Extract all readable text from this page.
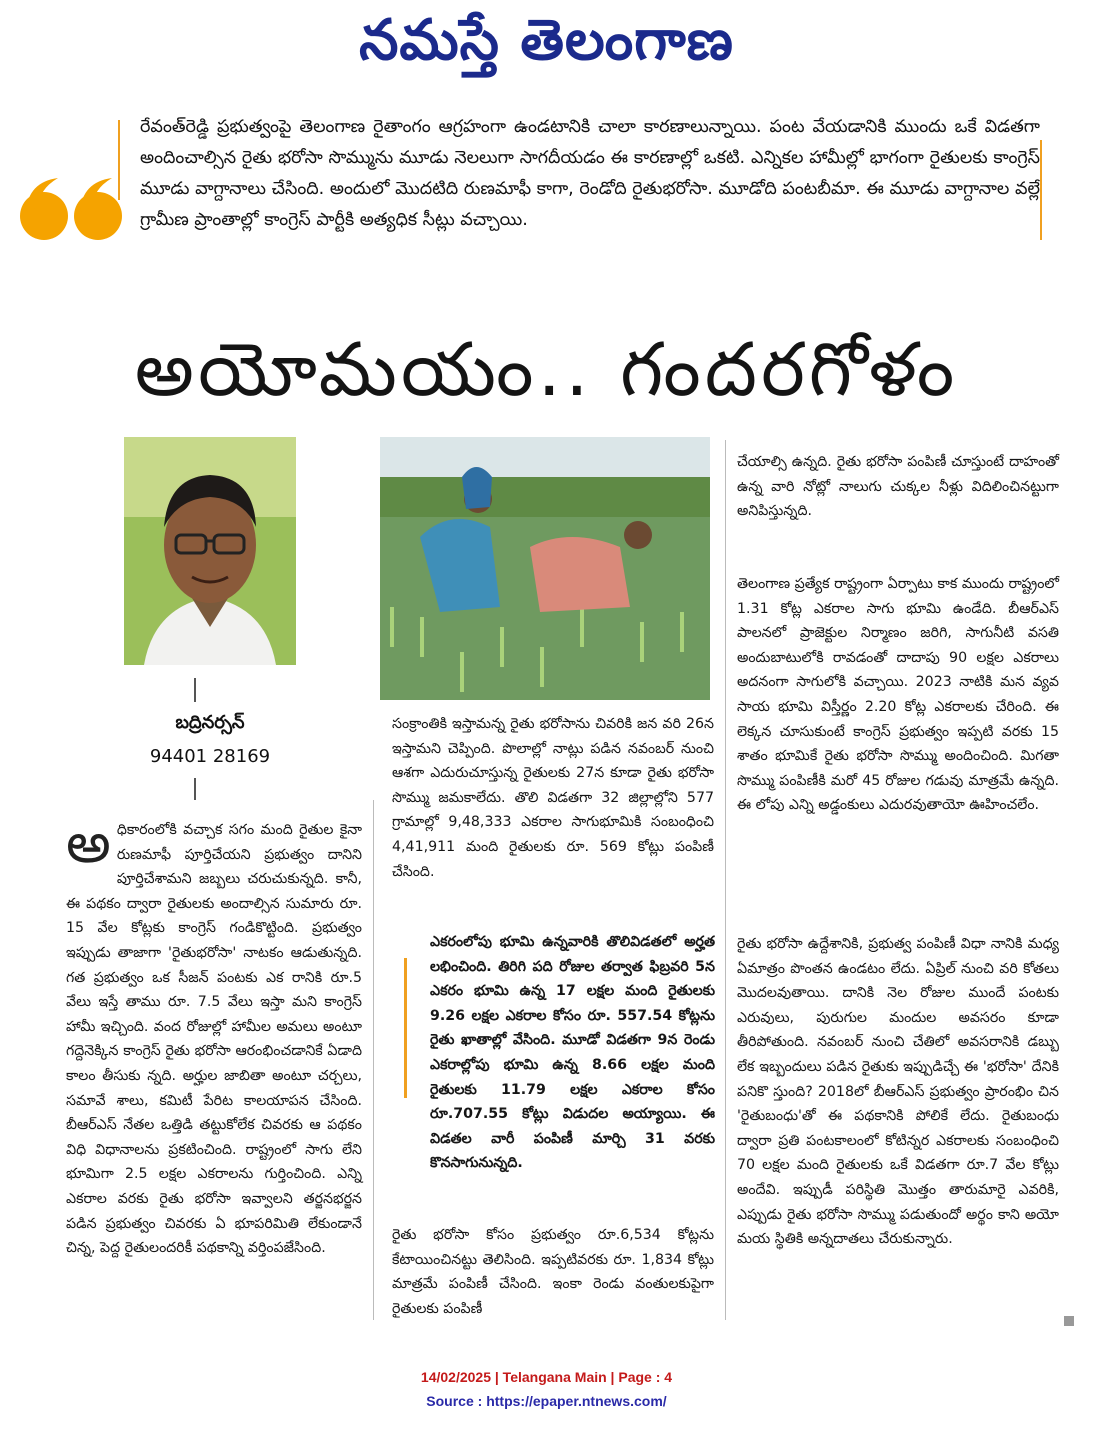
నమస్తే తెలంగాణ
రేవంత్‌రెడ్డి ప్రభుత్వంపై తెలంగాణ రైతాంగం ఆగ్రహంగా ఉండటానికి చాలా కారణాలున్నాయి. పంట వేయడానికి ముందు ఒకే విడతగా అందించాల్సిన రైతు భరోసా సొమ్మును మూడు నెలలుగా సాగదీయడం ఈ కారణాల్లో ఒకటి. ఎన్నికల హామీల్లో భాగంగా రైతులకు కాంగ్రెస్ మూడు వాగ్దానాలు చేసింది. అందులో మొదటిది రుణమాఫీ కాగా, రెండోది రైతుభరోసా. మూడోది పంటబీమా. ఈ మూడు వాగ్దానాల వల్లే గ్రామీణ ప్రాంతాల్లో కాంగ్రెస్ పార్టీకి అత్యధిక సీట్లు వచ్చాయి.
అయోమయం.. గందరగోళం
బద్రినర్సన్
94401 28169

అధికారంలోకి వచ్చాక సగం మంది రైతుల కైనా రుణమాఫీ పూర్తిచేయని ప్రభుత్వం దానిని పూర్తిచేశామని జబ్బలు చరుచుకున్నది. కానీ, ఈ పథకం ద్వారా రైతులకు అందాల్సిన సుమారు రూ. 15 వేల కోట్లకు కాంగ్రెస్ గండికొట్టింది. ప్రభుత్వం ఇప్పుడు తాజాగా 'రైతుభరోసా' నాటకం ఆడుతున్నది. గత ప్రభుత్వం ఒక సీజన్ పంటకు ఎక రానికి రూ.5 వేలు ఇస్తే తాము రూ. 7.5 వేలు ఇస్తా మని కాంగ్రెస్ హామీ ఇచ్చింది. వంద రోజుల్లో హామీల అమలు అంటూ గద్దెనెక్కిన కాంగ్రెస్ రైతు భరోసా ఆరంభించడానికే ఏడాది కాలం తీసుకు న్నది. అర్హుల జాబితా అంటూ చర్చలు, సమావే శాలు, కమిటీ పేరిట కాలయాపన చేసింది. బీఆర్ఎస్ నేతల ఒత్తిడి తట్టుకోలేక చివరకు ఆ పథకం విధి విధానాలను ప్రకటించింది. రాష్ట్రంలో సాగు లేని భూమిగా 2.5 లక్షల ఎకరాలను గుర్తించింది. ఎన్ని ఎకరాల వరకు రైతు భరోసా ఇవ్వాలని తర్జనభర్జన పడిన ప్రభుత్వం చివరకు ఏ భూపరిమితి లేకుండానే చిన్న, పెద్ద రైతులందరికీ పథకాన్ని వర్తింపజేసింది.

సంక్రాంతికి ఇస్తామన్న రైతు భరోసాను చివరికి జన వరి 26న ఇస్తామని చెప్పింది. పొలాల్లో నాట్లు పడిన నవంబర్ నుంచి ఆశగా ఎదురుచూస్తున్న రైతులకు 27న కూడా రైతు భరోసా సొమ్ము జమకాలేదు. తొలి విడతగా 32 జిల్లాల్లోని 577 గ్రామాల్లో 9,48,333 ఎకరాల సాగుభూమికి సంబంధించి 4,41,911 మంది రైతులకు రూ. 569 కోట్లు పంపిణీ చేసింది.

ఎకరంలోపు భూమి ఉన్నవారికి తొలివిడతలో అర్హత లభించింది. తిరిగి పది రోజుల తర్వాత ఫిబ్రవరి 5న ఎకరం భూమి ఉన్న 17 లక్షల మంది రైతులకు 9.26 లక్షల ఎకరాల కోసం రూ. 557.54 కోట్లను రైతు ఖాతాల్లో వేసింది. మూడో విడతగా 9న రెండు ఎకరాల్లోపు భూమి ఉన్న 8.66 లక్షల మంది రైతులకు 11.79 లక్షల ఎకరాల కోసం రూ.707.55 కోట్లు విడుదల అయ్యాయి. ఈ విడతల వారీ పంపిణీ మార్చి 31 వరకు కొనసాగునున్నది.

రైతు భరోసా కోసం ప్రభుత్వం రూ.6,534 కోట్లను కేటాయించినట్టు తెలిసింది. ఇప్పటివరకు రూ. 1,834 కోట్లు మాత్రమే పంపిణీ చేసింది. ఇంకా రెండు వంతులకుపైగా రైతులకు పంపిణీ

చేయాల్సి ఉన్నది. రైతు భరోసా పంపిణీ చూస్తుంటే దాహంతో ఉన్న వారి నోట్లో నాలుగు చుక్కల నీళ్లు విదిలించినట్టుగా అనిపిస్తున్నది.

తెలంగాణ ప్రత్యేక రాష్ట్రంగా ఏర్పాటు కాక ముందు రాష్ట్రంలో 1.31 కోట్ల ఎకరాల సాగు భూమి ఉండేది. బీఆర్ఎస్ పాలనలో ప్రాజెక్టుల నిర్మాణం జరిగి, సాగునీటి వసతి అందుబాటులోకి రావడంతో దాదాపు 90 లక్షల ఎకరాలు అదనంగా సాగులోకి వచ్చాయి. 2023 నాటికి మన వ్యవ సాయ భూమి విస్తీర్ణం 2.20 కోట్ల ఎకరాలకు చేరింది. ఈ లెక్కన చూసుకుంటే కాంగ్రెస్ ప్రభుత్వం ఇప్పటి వరకు 15 శాతం భూమికే రైతు భరోసా సొమ్ము అందించింది. మిగతా సొమ్ము పంపిణీకి మరో 45 రోజుల గడువు మాత్రమే ఉన్నది. ఈ లోపు ఎన్ని అడ్డంకులు ఎదురవుతాయో ఊహించలేం.

రైతు భరోసా ఉద్దేశానికి, ప్రభుత్వ పంపిణీ విధా నానికి మధ్య ఏమాత్రం పొంతన ఉండటం లేదు. ఏప్రిల్ నుంచి వరి కోతలు మొదలవుతాయి. దానికి నెల రోజుల ముందే పంటకు ఎరువులు, పురుగుల మందుల అవసరం కూడా తీరిపోతుంది. నవంబర్ నుంచి చేతిలో అవసరానికి డబ్బు లేక ఇబ్బందులు పడిన రైతుకు ఇప్పుడిచ్చే ఈ 'భరోసా' దేనికి పనికొ స్తుంది? 2018లో బీఆర్ఎస్ ప్రభుత్వం ప్రారంభిం చిన 'రైతుబంధు'తో ఈ పథకానికి పోలికే లేదు. రైతుబంధు ద్వారా ప్రతి పంటకాలంలో కోటిన్నర ఎకరాలకు సంబంధించి 70 లక్షల మంది రైతులకు ఒకే విడతగా రూ.7 వేల కోట్లు అందేవి. ఇప్పుడీ పరిస్థితి మొత్తం తారుమారై ఎవరికి, ఎప్పుడు రైతు భరోసా సొమ్ము పడుతుందో అర్థం కాని అయో మయ స్థితికి అన్నదాతలు చేరుకున్నారు.

14/02/2025 | Telangana Main | Page : 4
Source : https://epaper.ntnews.com/
